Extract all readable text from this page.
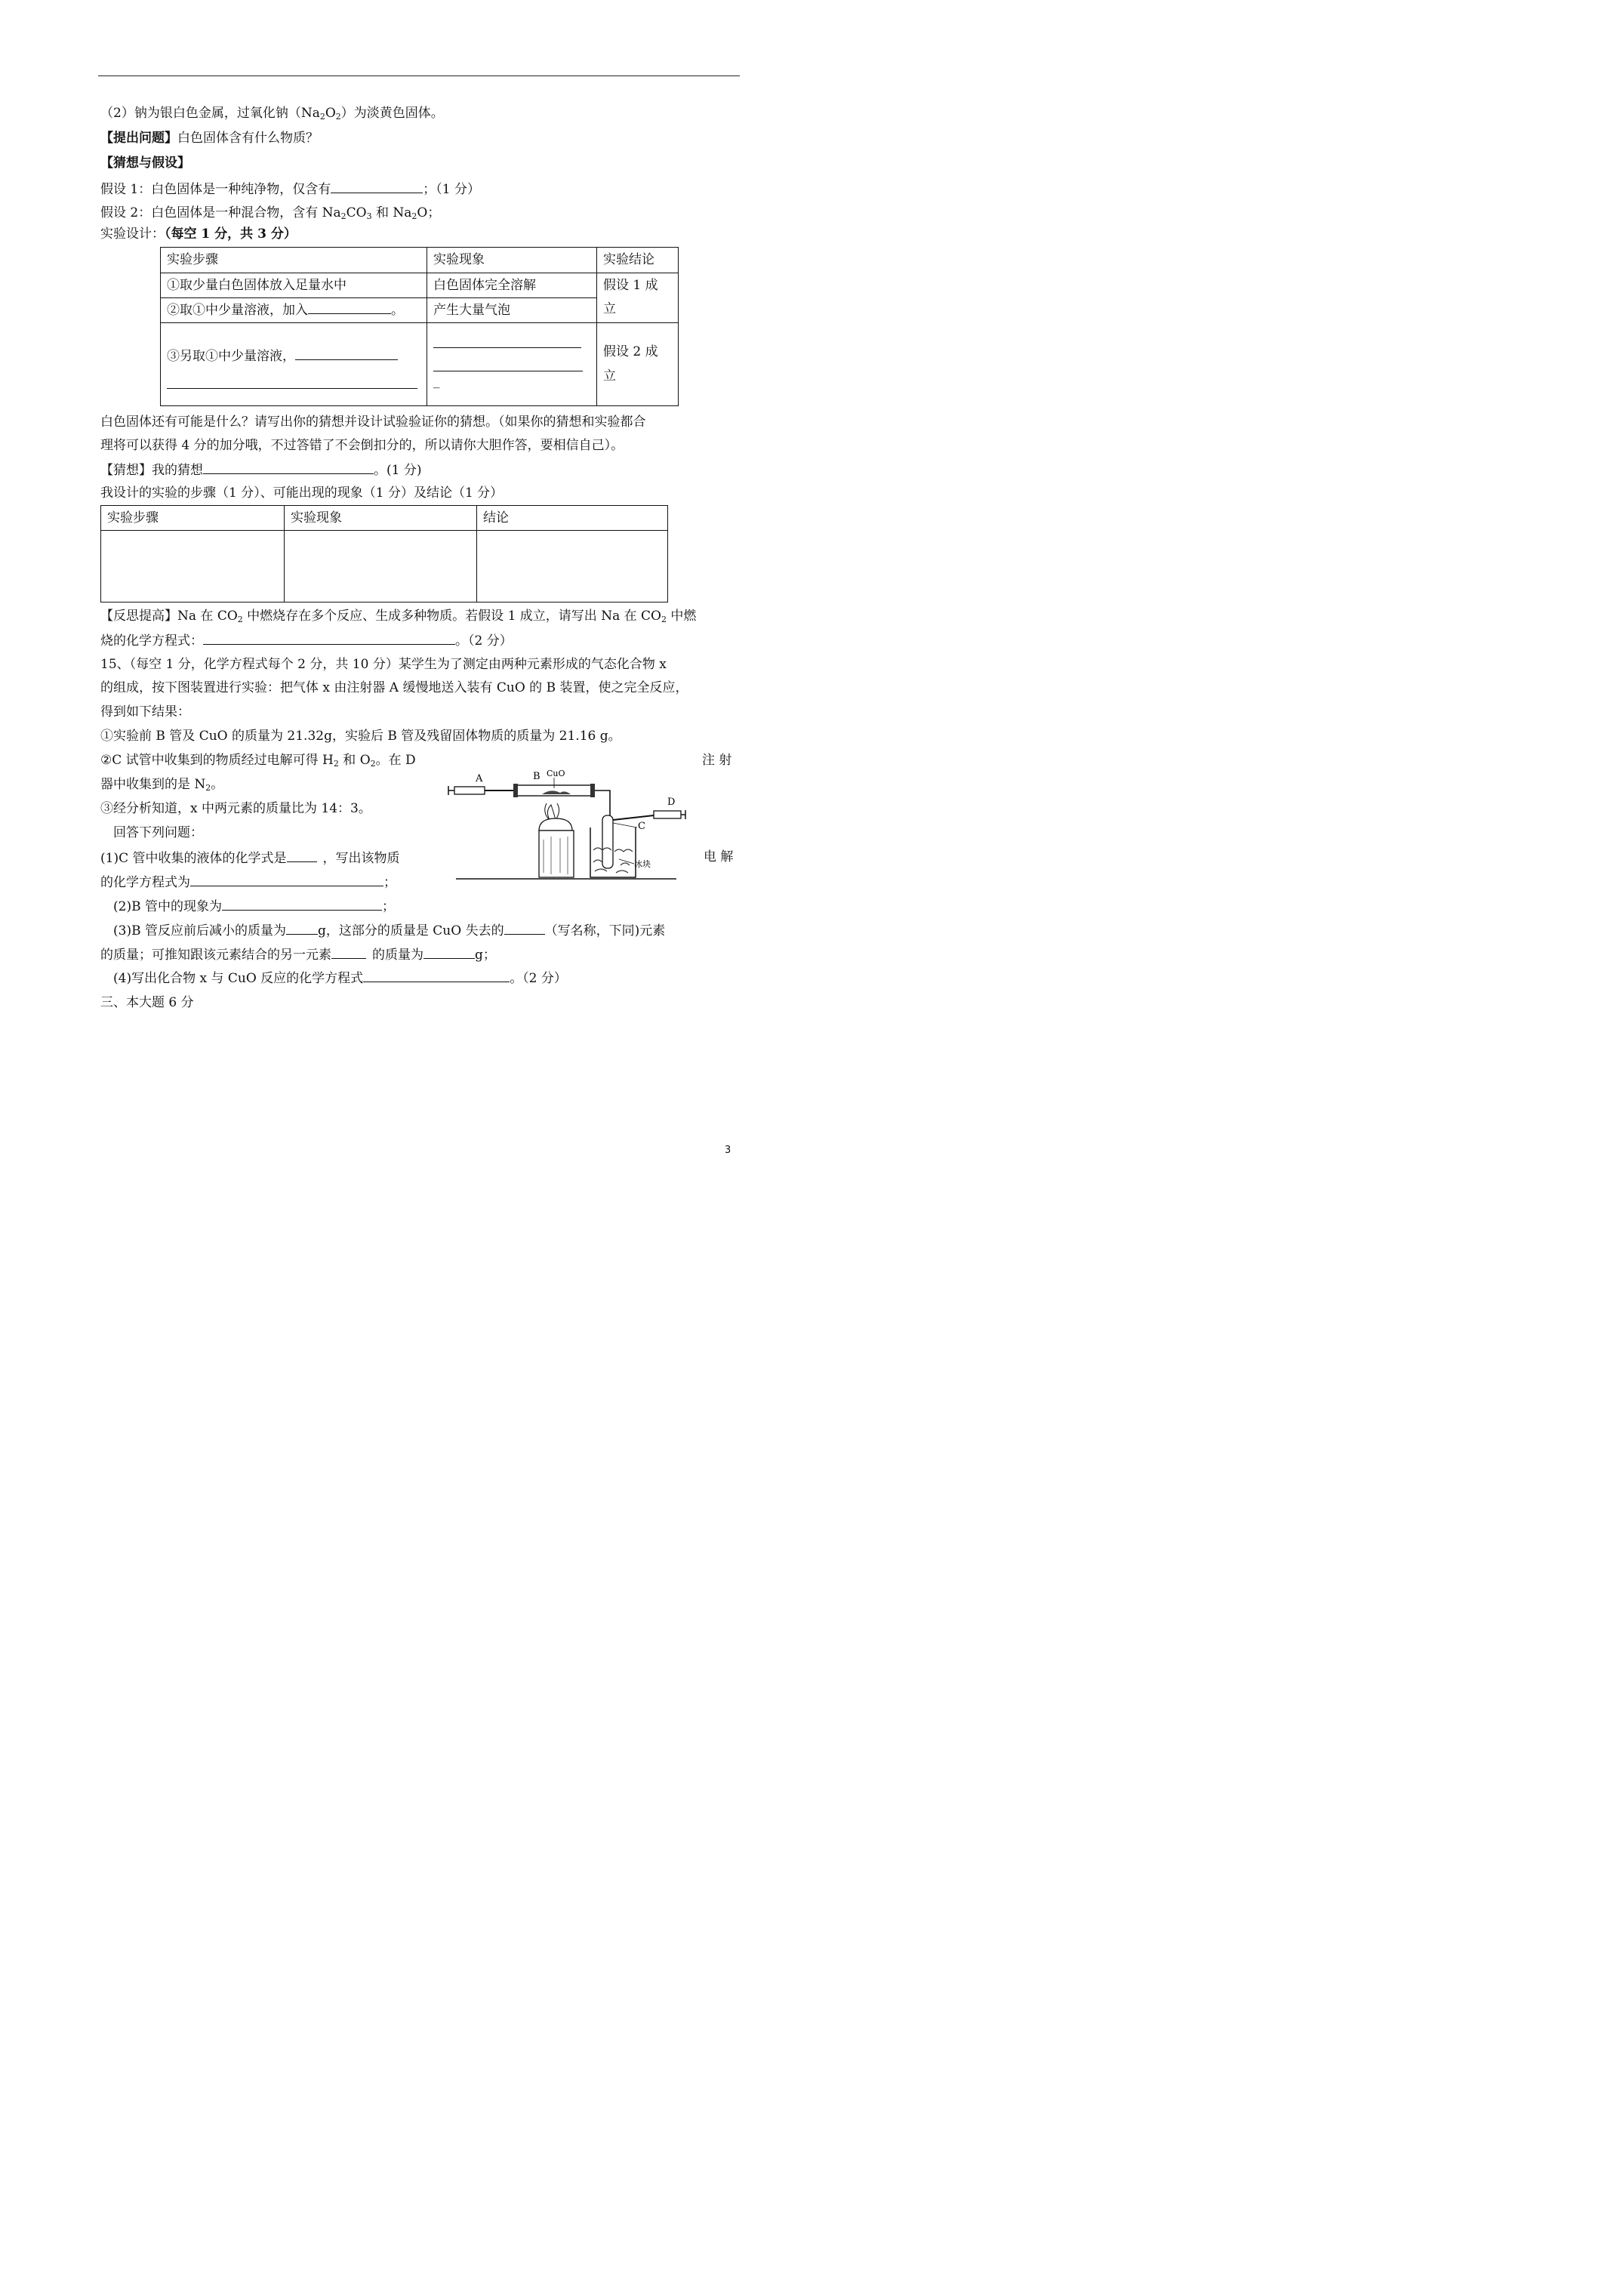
（2）钠为银白色金属，过氧化钠$(Na_2O_2)$为淡黄色固体。
【提出问题】白色固体含有什么物质？
【猜想与假设】
假设 1：白色固体是一种纯净物，仅含有	；（1 分）
假设 2：白色固体是一种混合物，含有 $Na_2CO_3$ 和 $Na_2O$；
实验设计：（每空 1 分，共 3 分）
实验步骤	实验现象	实验结论
①取少量白色固体放入足量水中	白色固体完全溶解	假设 1 成
立

②取①中少量溶液，加入 。	产生大量气泡	

③另取①中少量溶液，	_	假设 2 成
立
白色固体还有可能是什么？请写出你的猜想并设计试验验证你的猜想。（如果你的猜想和实验都合
理将可以获得 4 分的加分哦，不过答错了不会倒扣分的，所以请你大胆作答，要相信自己）。
【猜想】我的猜想	。(1 分)
我设计的实验的步骤（1 分）、可能出现的现象（1 分）及结论（1 分）
实验步骤	实验现象	结论

【反思提高】Na 在 $CO_2$ 中燃烧存在多个反应、生成多种物质。若假设 1 成立，请写出 Na 在 $CO_2$ 中燃
烧的化学方程式：	。（2 分）
15、（每空 1 分，化学方程式每个 2 分，共 10 分）某学生为了测定由两种元素形成的气态化合物 x
的组成，按下图装置进行实验：把气体 x 由注射器 A 缓慢地送入装有 CuO 的 B 装置，使之完全反应，
得到如下结果：
①实验前 B 管及 CuO 的质量为 21.32g，实验后 B 管及残留固体物质的质量为 21.16 g。
②C 试管中收集到的物质经过电解可得 $H_2$ 和 $O_2$。在 D	注 射
器中收集到的是 $N_2$。
③经分析知道，x 中两元素的质量比为 14：3。
回答下列问题：
(1)C 管中收集的液体的化学式是	，写出该物质	电 解
的化学方程式为	；
(2)B 管中的现象为	；
(3)B 管反应前后减小的质量为 g，这部分的质量是 CuO 失去的	（写名称，下同)元素
的质量；可推知跟该元素结合的另一元素	的质量为	g；
(4)写出化合物 x 与 CuO 反应的化学方程式	。（2 分）
三、本大题 6 分
A	B CuO
C
冰块
D
3
